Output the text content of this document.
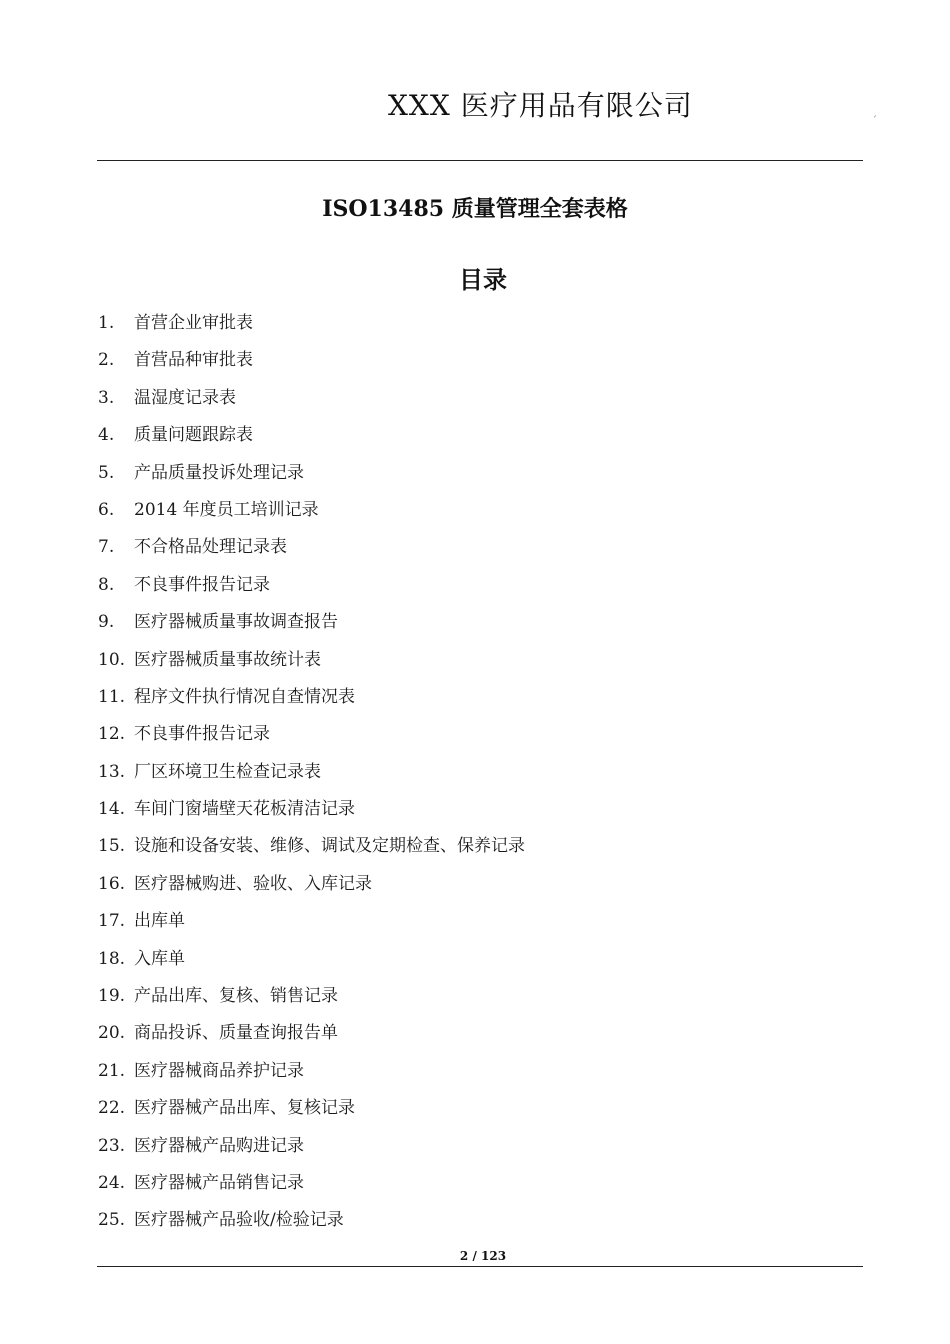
XXX 医疗用品有限公司	ˊ
ISO13485 质量管理全套表格
目录
1. 首营企业审批表
2. 首营品种审批表
3. 温湿度记录表
4. 质量问题跟踪表
5. 产品质量投诉处理记录
6. 2014 年度员工培训记录
7. 不合格品处理记录表
8. 不良事件报告记录
9. 医疗器械质量事故调查报告
10. 医疗器械质量事故统计表
11. 程序文件执行情况自查情况表
12. 不良事件报告记录
13. 厂区环境卫生检查记录表
14. 车间门窗墙壁天花板清洁记录
15. 设施和设备安装、维修、调试及定期检查、保养记录
16. 医疗器械购进、验收、入库记录
17. 出库单
18. 入库单
19. 产品出库、复核、销售记录
20. 商品投诉、质量查询报告单
21. 医疗器械商品养护记录
22. 医疗器械产品出库、复核记录
23. 医疗器械产品购进记录
24. 医疗器械产品销售记录
25. 医疗器械产品验收/检验记录
2 / 123
